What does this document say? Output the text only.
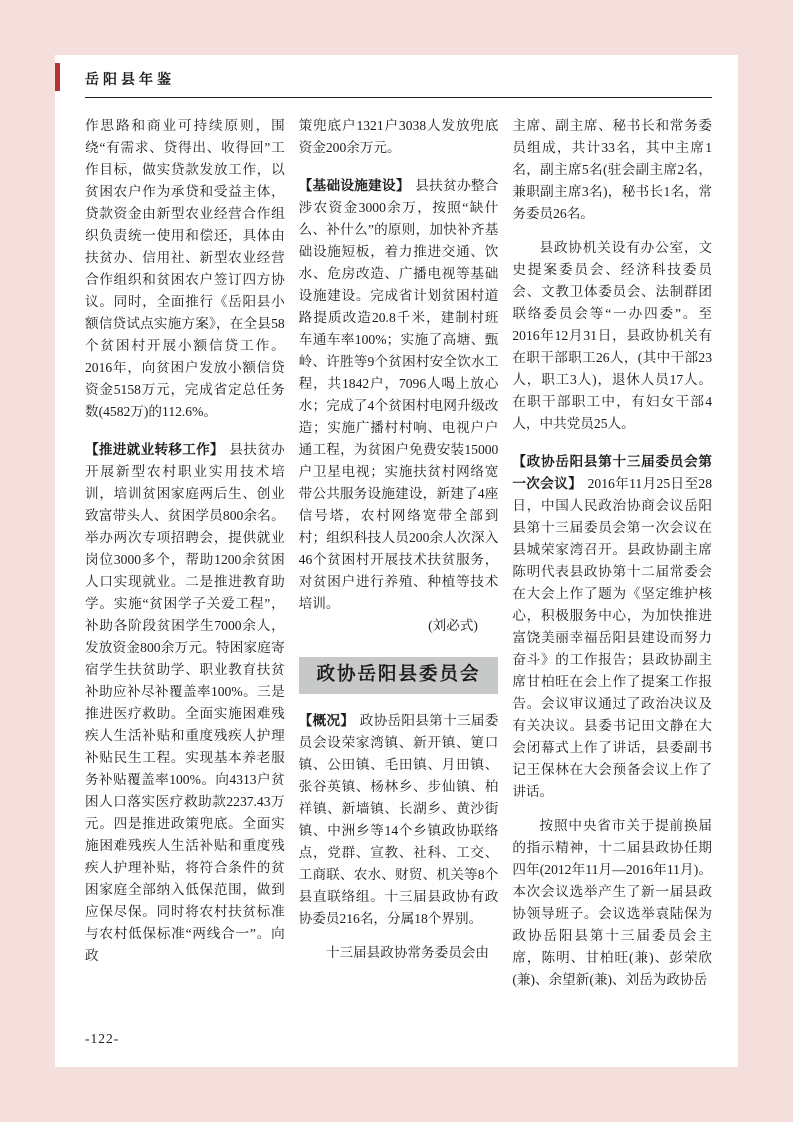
岳阳县年鉴

作思路和商业可持续原则，围绕“有需求、贷得出、收得回”工作目标，做实贷款发放工作，以贫困农户作为承贷和受益主体，贷款资金由新型农业经营合作组织负责统一使用和偿还，具体由扶贫办、信用社、新型农业经营合作组织和贫困农户签订四方协议。同时，全面推行《岳阳县小额信贷试点实施方案》，在全县58个贫困村开展小额信贷工作。2016年，向贫困户发放小额信贷资金5158万元，完成省定总任务数(4582万)的112.6%。

【推进就业转移工作】 县扶贫办开展新型农村职业实用技术培训，培训贫困家庭两后生、创业致富带头人、贫困学员800余名。举办两次专项招聘会，提供就业岗位3000多个，帮助1200余贫困人口实现就业。二是推进教育助学。实施“贫困学子关爱工程”，补助各阶段贫困学生7000余人，发放资金800余万元。特困家庭寄宿学生扶贫助学、职业教育扶贫补助应补尽补覆盖率100%。三是推进医疗救助。全面实施困难残疾人生活补贴和重度残疾人护理补贴民生工程。实现基本养老服务补贴覆盖率100%。向4313户贫困人口落实医疗救助款2237.43万元。四是推进政策兜底。全面实施困难残疾人生活补贴和重度残疾人护理补贴，将符合条件的贫困家庭全部纳入低保范围，做到应保尽保。同时将农村扶贫标准与农村低保标准“两线合一”。向政

策兜底户1321户3038人发放兜底资金200余万元。

【基础设施建设】 县扶贫办整合涉农资金3000余万，按照“缺什么、补什么”的原则，加快补齐基础设施短板，着力推进交通、饮水、危房改造、广播电视等基础设施建设。完成省计划贫困村道路提质改造20.8千米，建制村班车通车率100%；实施了高塘、甄岭、许胜等9个贫困村安全饮水工程，共1842户，7096人喝上放心水；完成了4个贫困村电网升级改造；实施广播村村响、电视户户通工程，为贫困户免费安装15000户卫星电视；实施扶贫村网络宽带公共服务设施建设，新建了4座信号塔，农村网络宽带全部到村；组织科技人员200余人次深入46个贫困村开展技术扶贫服务，对贫困户进行养殖、种植等技术培训。

(刘必式)

政协岳阳县委员会

【概况】 政协岳阳县第十三届委员会设荣家湾镇、新开镇、筻口镇、公田镇、毛田镇、月田镇、张谷英镇、杨林乡、步仙镇、柏祥镇、新墙镇、长湖乡、黄沙街镇、中洲乡等14个乡镇政协联络点，党群、宣教、社科、工交、工商联、农水、财贸、机关等8个县直联络组。十三届县政协有政协委员216名，分属18个界别。

十三届县政协常务委员会由

主席、副主席、秘书长和常务委员组成，共计33名，其中主席1名，副主席5名(驻会副主席2名，兼职副主席3名)，秘书长1名，常务委员26名。

县政协机关设有办公室，文史提案委员会、经济科技委员会、文教卫体委员会、法制群团联络委员会等“一办四委”。至2016年12月31日，县政协机关有在职干部职工26人，(其中干部23人，职工3人)，退休人员17人。在职干部职工中，有妇女干部4人，中共党员25人。

【政协岳阳县第十三届委员会第一次会议】 2016年11月25日至28日，中国人民政治协商会议岳阳县第十三届委员会第一次会议在县城荣家湾召开。县政协副主席陈明代表县政协第十二届常委会在大会上作了题为《坚定维护核心，积极服务中心，为加快推进富饶美丽幸福岳阳县建设而努力奋斗》的工作报告；县政协副主席甘柏旺在会上作了提案工作报告。会议审议通过了政治决议及有关决议。县委书记田文静在大会闭幕式上作了讲话，县委副书记王保林在大会预备会议上作了讲话。

按照中央省市关于提前换届的指示精神，十二届县政协任期四年(2012年11月—2016年11月)。本次会议选举产生了新一届县政协领导班子。会议选举袁陆保为政协岳阳县第十三届委员会主席，陈明、甘柏旺(兼)、彭荣欣(兼)、余望新(兼)、刘岳为政协岳

-122-
